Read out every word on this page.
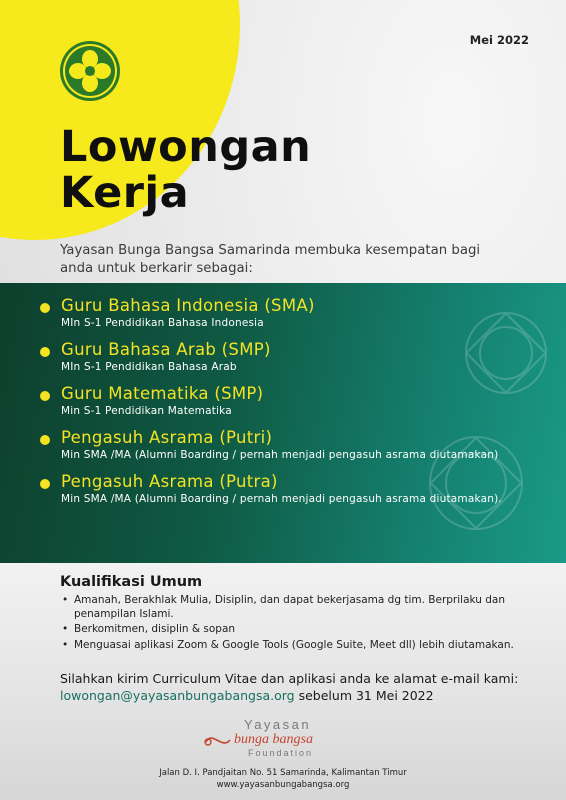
Mei 2022
Lowongan
Kerja
Yayasan Bunga Bangsa Samarinda membuka kesempatan bagi anda untuk berkarir sebagai:
Guru Bahasa Indonesia (SMA)
MIn S-1 Pendidikan Bahasa Indonesia
Guru Bahasa Arab (SMP)
MIn S-1 Pendidikan Bahasa Arab
Guru Matematika (SMP)
Min S-1 Pendidikan Matematika
Pengasuh Asrama (Putri)
Min SMA /MA (Alumni Boarding / pernah menjadi pengasuh asrama diutamakan)
Pengasuh Asrama (Putra)
Min SMA /MA (Alumni Boarding / pernah menjadi pengasuh asrama diutamakan).
Kualifikasi Umum
• Amanah, Berakhlak Mulia, Disiplin, dan dapat bekerjasama dg tim. Berprilaku dan penampilan Islami.
• Berkomitmen, disiplin & sopan
• Menguasai aplikasi Zoom & Google Tools (Google Suite, Meet dll) lebih diutamakan.
Silahkan kirim Curriculum Vitae dan aplikasi anda ke alamat e-mail kami: lowongan@yayasanbungabangsa.org sebelum 31 Mei 2022
Yayasan
bunga bangsa
Foundation
Jalan D. I. Pandjaitan No. 51 Samarinda, Kalimantan Timur
www.yayasanbungabangsa.org
